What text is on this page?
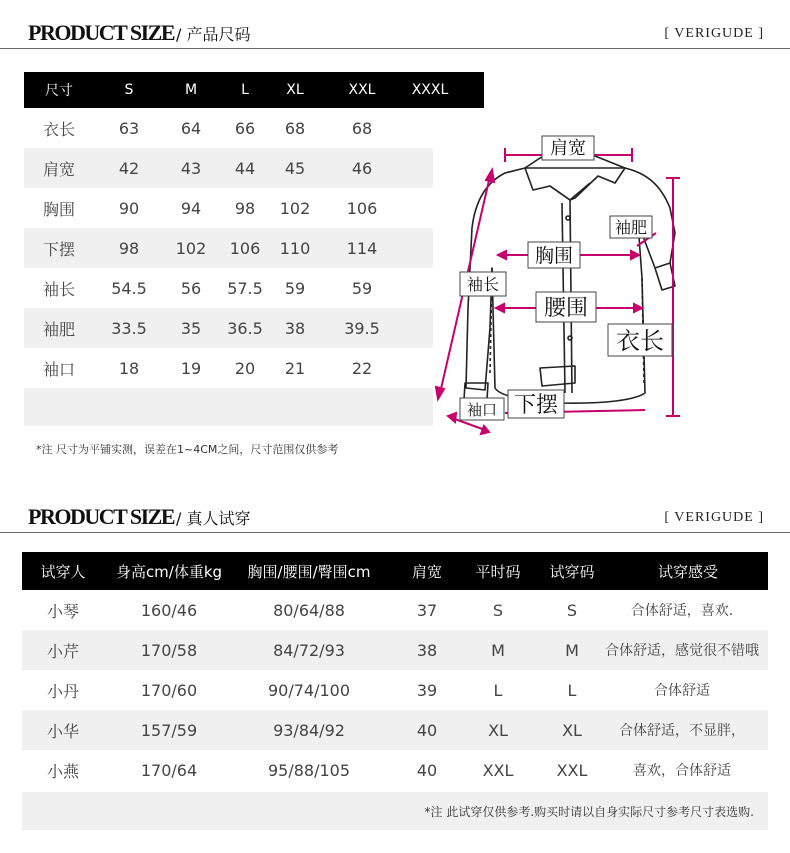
PRODUCT SIZE / 产品尺码	[ VERIGUDE ]
尺寸	S	M	L	XL	XXL	XXXL
衣长	63	64	66	68	68
肩宽	42	43	44	45	46
胸围	90	94	98	102	106
下摆	98	102	106	110	114
袖长	54.5	56	57.5	59	59
袖肥	33.5	35	36.5	38	39.5
袖口	18	19	20	21	22
*注 尺寸为平铺实测，误差在1~4CM之间，尺寸范围仅供参考
肩宽
袖肥
胸围
袖长
腰围
衣长
袖口 下摆
PRODUCT SIZE / 真人试穿	[ VERIGUDE ]
试穿人	身高cm/体重kg	胸围/腰围/臀围cm	肩宽	平时码	试穿码	试穿感受
小琴	160/46	80/64/88	37	S	S	合体舒适，喜欢.
小芹	170/58	84/72/93	38	M	M	合体舒适，感觉很不错哦
小丹	170/60	90/74/100	39	L	L	合体舒适
小华	157/59	93/84/92	40	XL	XL	合体舒适，不显胖，
小燕	170/64	95/88/105	40	XXL	XXL	喜欢，合体舒适
*注 此试穿仅供参考.购买时请以自身实际尺寸参考尺寸表选购.
